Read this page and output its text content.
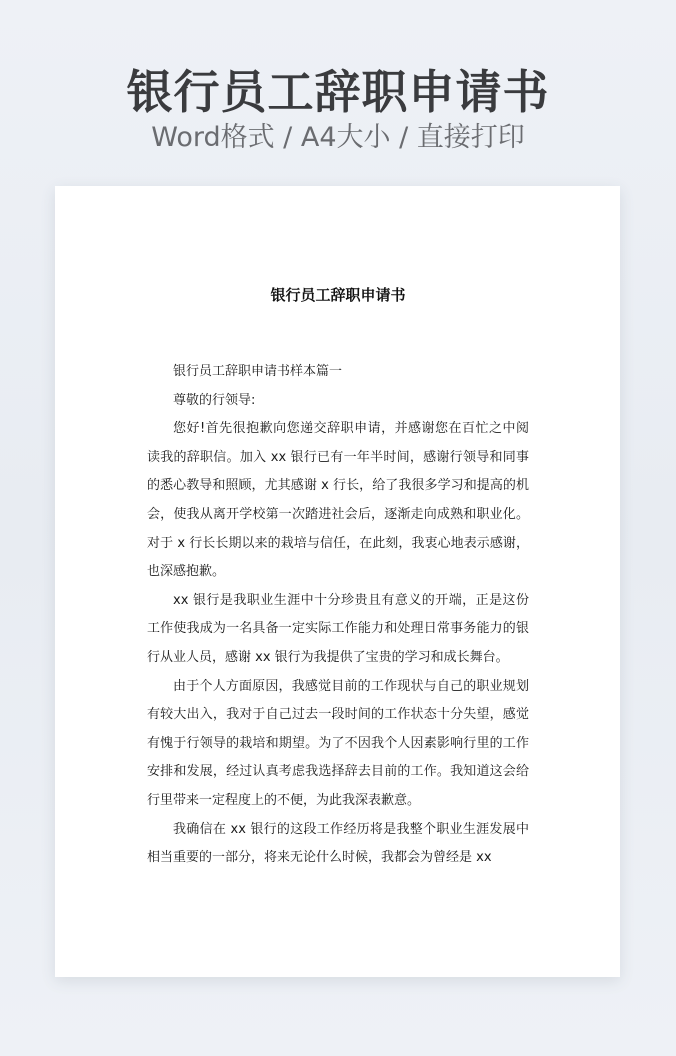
银行员工辞职申请书
Word格式 / A4大小 / 直接打印
银行员工辞职申请书

银行员工辞职申请书样本篇一

尊敬的行领导:

您好!首先很抱歉向您递交辞职申请，并感谢您在百忙之中阅读我的辞职信。加入 xx 银行已有一年半时间，感谢行领导和同事的悉心教导和照顾，尤其感谢 x 行长，给了我很多学习和提高的机会，使我从离开学校第一次踏进社会后，逐渐走向成熟和职业化。对于 x 行长长期以来的栽培与信任，在此刻，我衷心地表示感谢，也深感抱歉。

xx 银行是我职业生涯中十分珍贵且有意义的开端，正是这份工作使我成为一名具备一定实际工作能力和处理日常事务能力的银行从业人员，感谢 xx 银行为我提供了宝贵的学习和成长舞台。

由于个人方面原因，我感觉目前的工作现状与自己的职业规划有较大出入，我对于自己过去一段时间的工作状态十分失望，感觉有愧于行领导的栽培和期望。为了不因我个人因素影响行里的工作安排和发展，经过认真考虑我选择辞去目前的工作。我知道这会给行里带来一定程度上的不便，为此我深表歉意。

我确信在 xx 银行的这段工作经历将是我整个职业生涯发展中相当重要的一部分，将来无论什么时候，我都会为曾经是 xx
